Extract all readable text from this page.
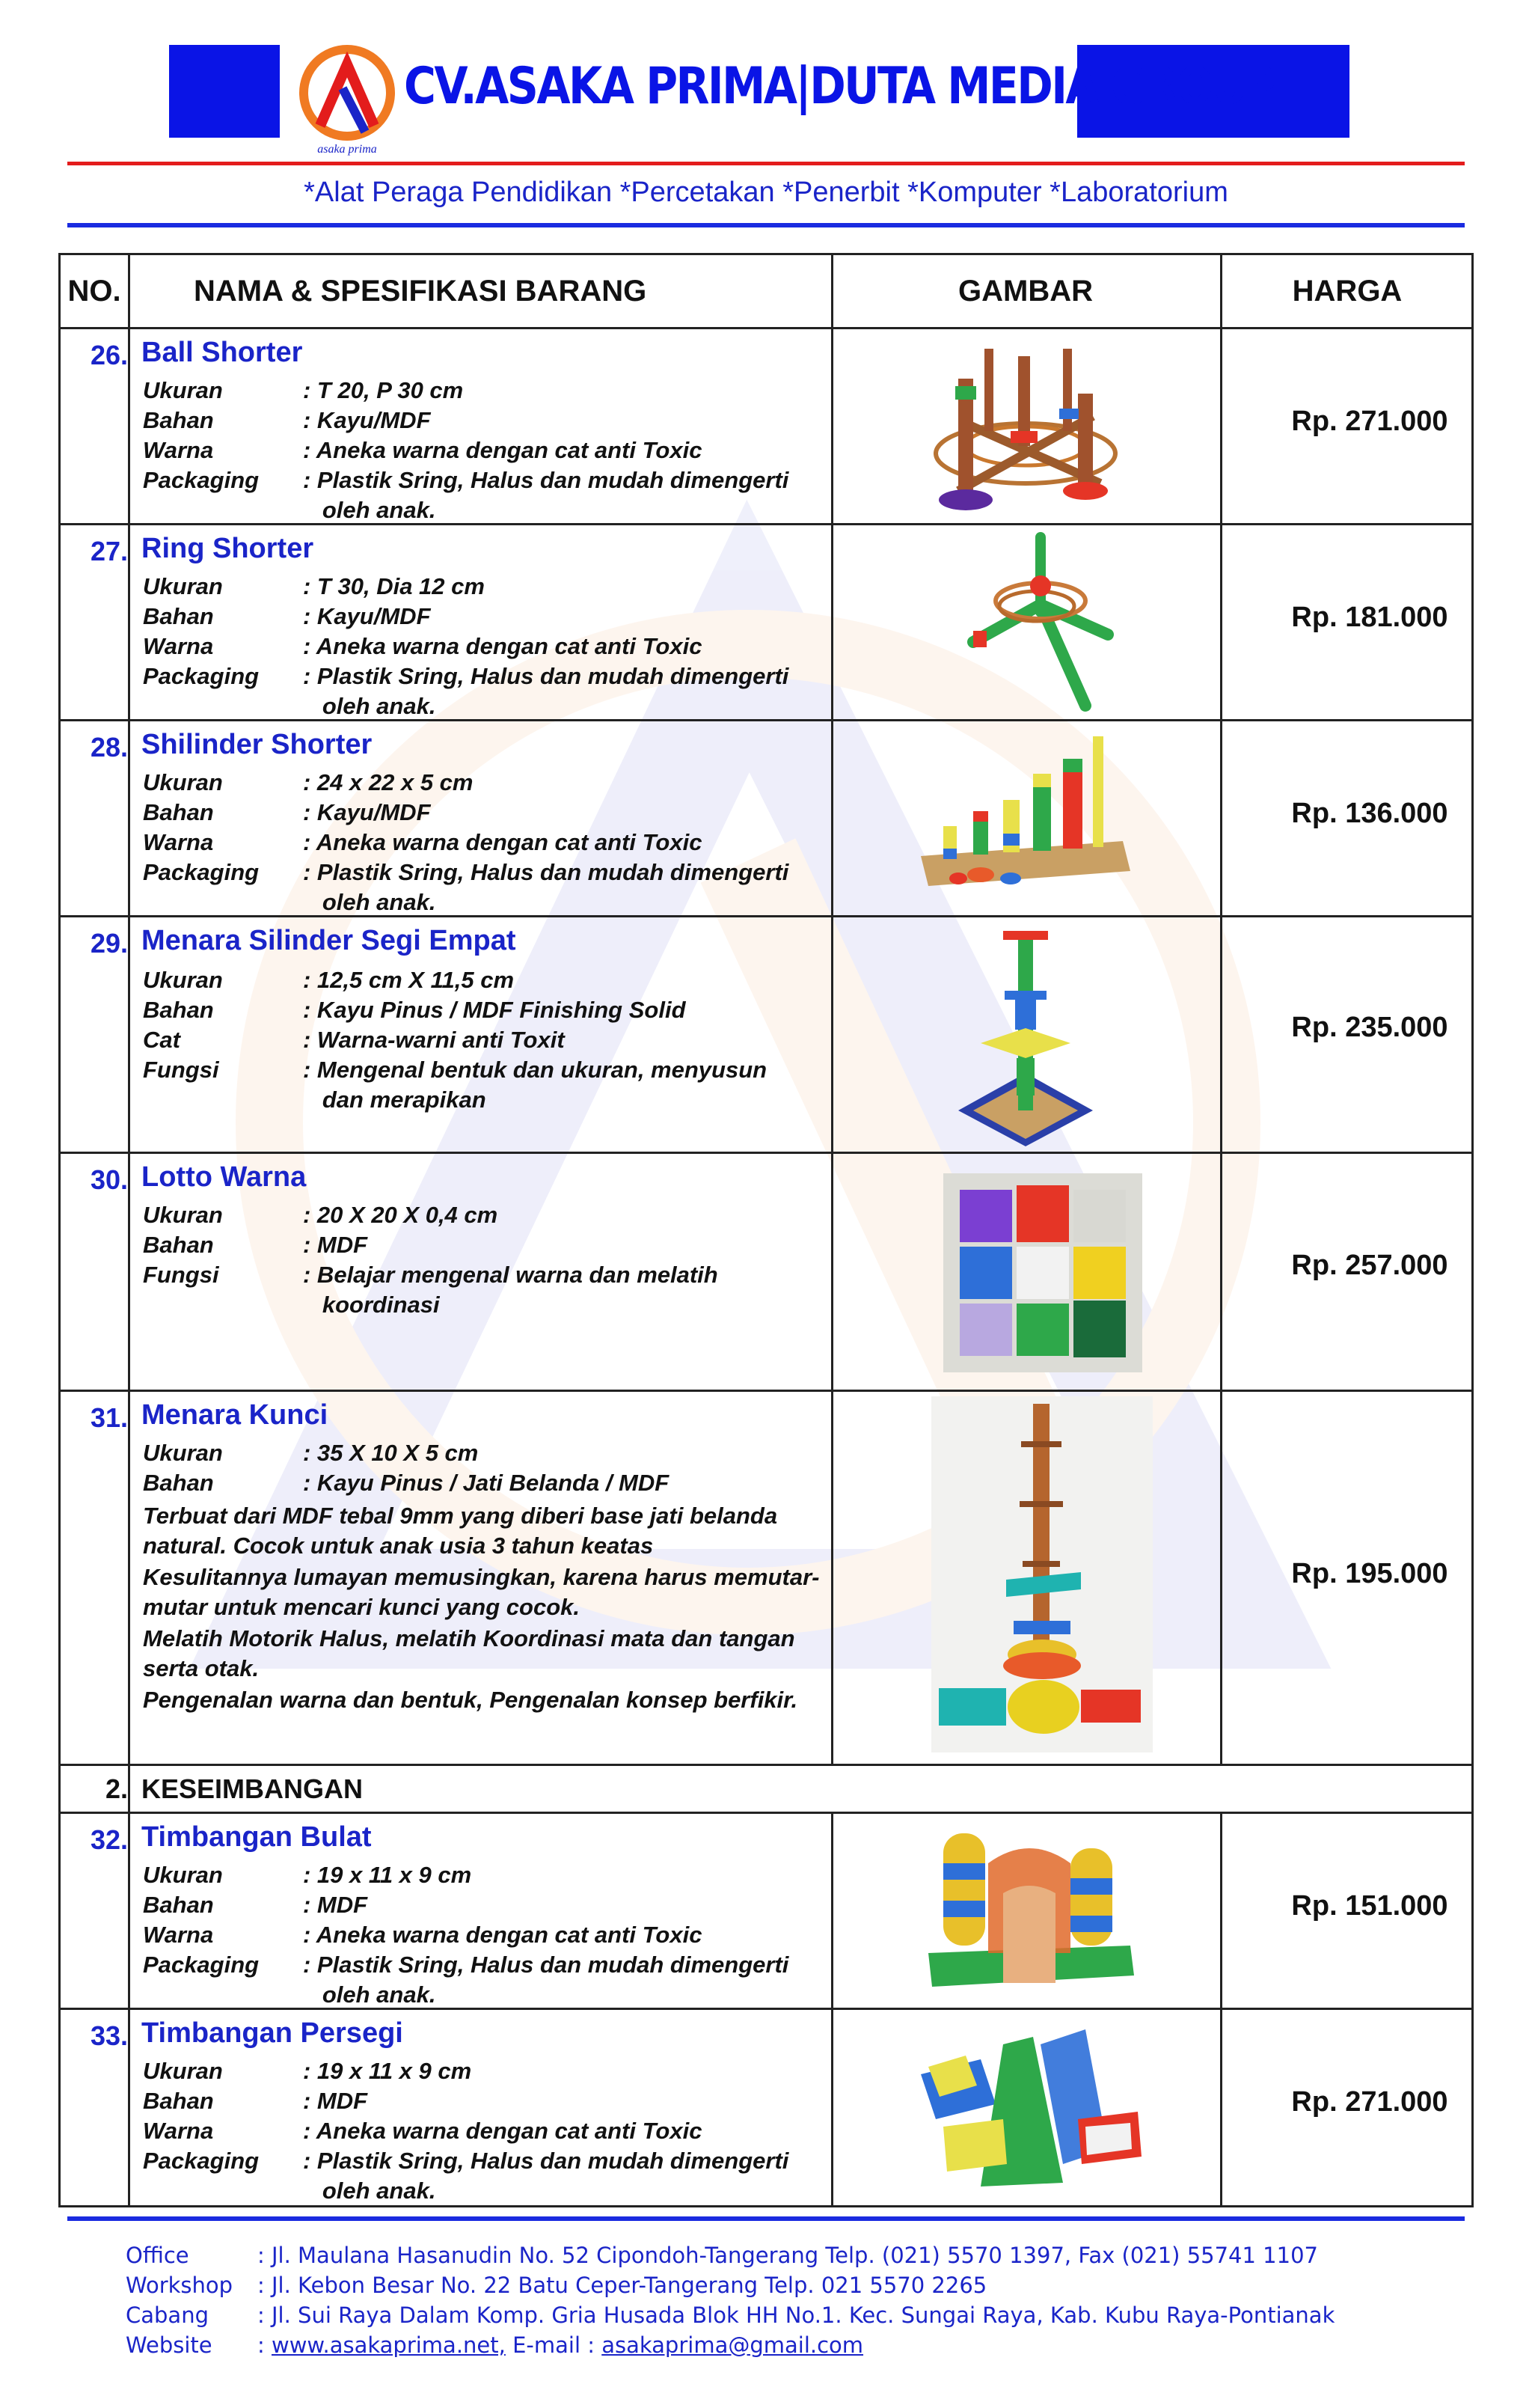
asaka prima
CV.ASAKA PRIMA|DUTA MEDIA GROUP
*Alat Peraga Pendidikan *Percetakan *Penerbit *Komputer *Laboratorium
NO.	NAMA & SPESIFIKASI BARANG	GAMBAR	HARGA
26. Ball Shorter
Ukuran	: T 20, P 30 cm
Bahan	: Kayu/MDF
Warna	: Aneka warna dengan cat anti Toxic
Packaging	: Plastik Sring, Halus dan mudah dimengerti
oleh anak.
Rp. 271.000
27. Ring Shorter
Ukuran	: T 30, Dia 12 cm
Bahan	: Kayu/MDF
Warna	: Aneka warna dengan cat anti Toxic
Packaging	: Plastik Sring, Halus dan mudah dimengerti
oleh anak.
Rp. 181.000
28. Shilinder Shorter
Ukuran	: 24 x 22 x 5 cm
Bahan	: Kayu/MDF
Warna	: Aneka warna dengan cat anti Toxic
Packaging	: Plastik Sring, Halus dan mudah dimengerti
oleh anak.
Rp. 136.000
29. Menara Silinder Segi Empat
Ukuran	: 12,5 cm X 11,5 cm
Bahan	: Kayu Pinus / MDF Finishing Solid
Cat	: Warna-warni anti Toxit
Fungsi	: Mengenal bentuk dan ukuran, menyusun
dan merapikan
Rp. 235.000
30. Lotto Warna
Ukuran	: 20 X 20 X 0,4 cm
Bahan	: MDF
Fungsi	: Belajar mengenal warna dan melatih
koordinasi
Rp. 257.000
31. Menara Kunci
Ukuran	: 35 X 10 X 5 cm
Bahan	: Kayu Pinus / Jati Belanda / MDF

Terbuat dari MDF tebal 9mm yang diberi base jati belanda natural. Cocok untuk anak usia 3 tahun keatas

Kesulitannya lumayan memusingkan, karena harus memutar-mutar untuk mencari kunci yang cocok.

Melatih Motorik Halus, melatih Koordinasi mata dan tangan serta otak.

Pengenalan warna dan bentuk, Pengenalan konsep berfikir.

Rp. 195.000
2. KESEIMBANGAN
32. Timbangan Bulat
Ukuran	: 19 x 11 x 9 cm
Bahan	: MDF
Warna	: Aneka warna dengan cat anti Toxic
Packaging	: Plastik Sring, Halus dan mudah dimengerti
oleh anak.
Rp. 151.000
33. Timbangan Persegi
Ukuran	: 19 x 11 x 9 cm
Bahan	: MDF
Warna	: Aneka warna dengan cat anti Toxic
Packaging	: Plastik Sring, Halus dan mudah dimengerti
oleh anak.
Rp. 271.000
Office	: Jl. Maulana Hasanudin No. 52 Cipondoh-Tangerang Telp. (021) 5570 1397, Fax (021) 55741 1107
Workshop	: Jl. Kebon Besar No. 22 Batu Ceper-Tangerang Telp. 021 5570 2265
Cabang	: Jl. Sui Raya Dalam Komp. Gria Husada Blok HH No.1. Kec. Sungai Raya, Kab. Kubu Raya-Pontianak
Website	: www.asakaprima.net, E-mail : asakaprima@gmail.com
